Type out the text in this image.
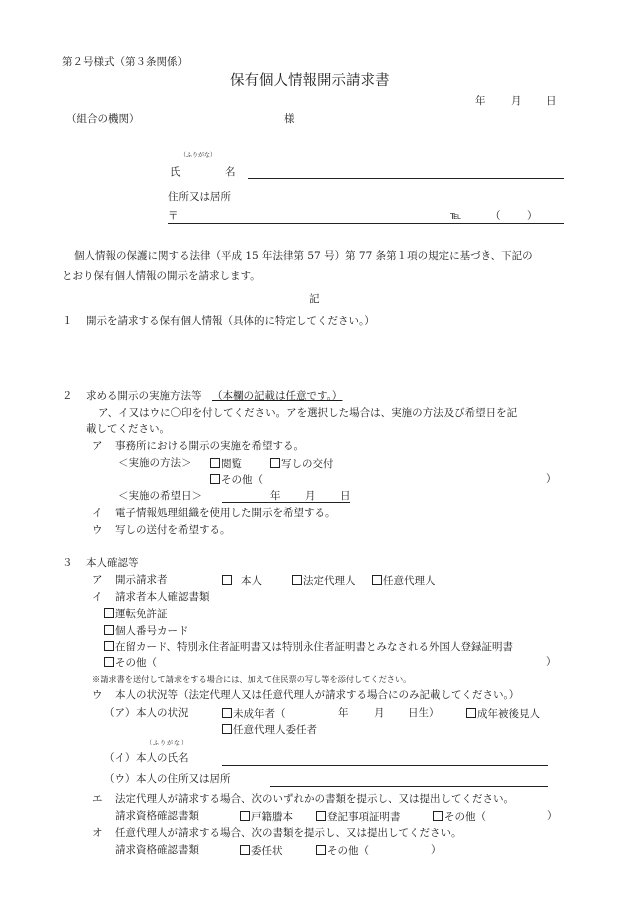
第２号様式（第３条関係）
保有個人情報開示請求書
年 月 日
（組合の機関）	様
（ふりがな）
氏	名
住所又は居所
〒	℡	（	）
個人情報の保護に関する法律（平成 15 年法律第 57 号）第 77 条第１項の規定に基づき、下記の
とおり保有個人情報の開示を請求します。
記
１ 開示を請求する保有個人情報（具体的に特定してください。）
２ 求める開示の実施方法等 （本欄の記載は任意です。）
ア、イ又はウに〇印を付してください。アを選択した場合は、実施の方法及び希望日を記
載してください。
ア 事務所における開示の実施を希望する。
＜実施の方法＞	閲覧	写しの交付
その他（	）
＜実施の希望日＞	年 月 日
イ 電子情報処理組織を使用した開示を希望する。
ウ 写しの送付を希望する。
３ 本人確認等
ア 開示請求者	本人	法定代理人	任意代理人
イ 請求者本人確認書類
運転免許証
個人番号カード
在留カード、特別永住者証明書又は特別永住者証明書とみなされる外国人登録証明書
その他（	）
※請求書を送付して請求をする場合には、加えて住民票の写し等を添付してください。
ウ 本人の状況等（法定代理人又は任意代理人が請求する場合にのみ記載してください。）
（ア） 本人の状況	未成年者（	年 月 日生）	成年被後見人
任意代理人委任者
（ふりがな）
（イ） 本人の氏名
（ウ） 本人の住所又は居所
エ 法定代理人が請求する場合、次のいずれかの書類を提示し、又は提出してください。
請求資格確認書類	戸籍謄本	登記事項証明書	その他（	）
オ 任意代理人が請求する場合、次の書類を提示し、又は提出してください。
請求資格確認書類	委任状	その他（	）
